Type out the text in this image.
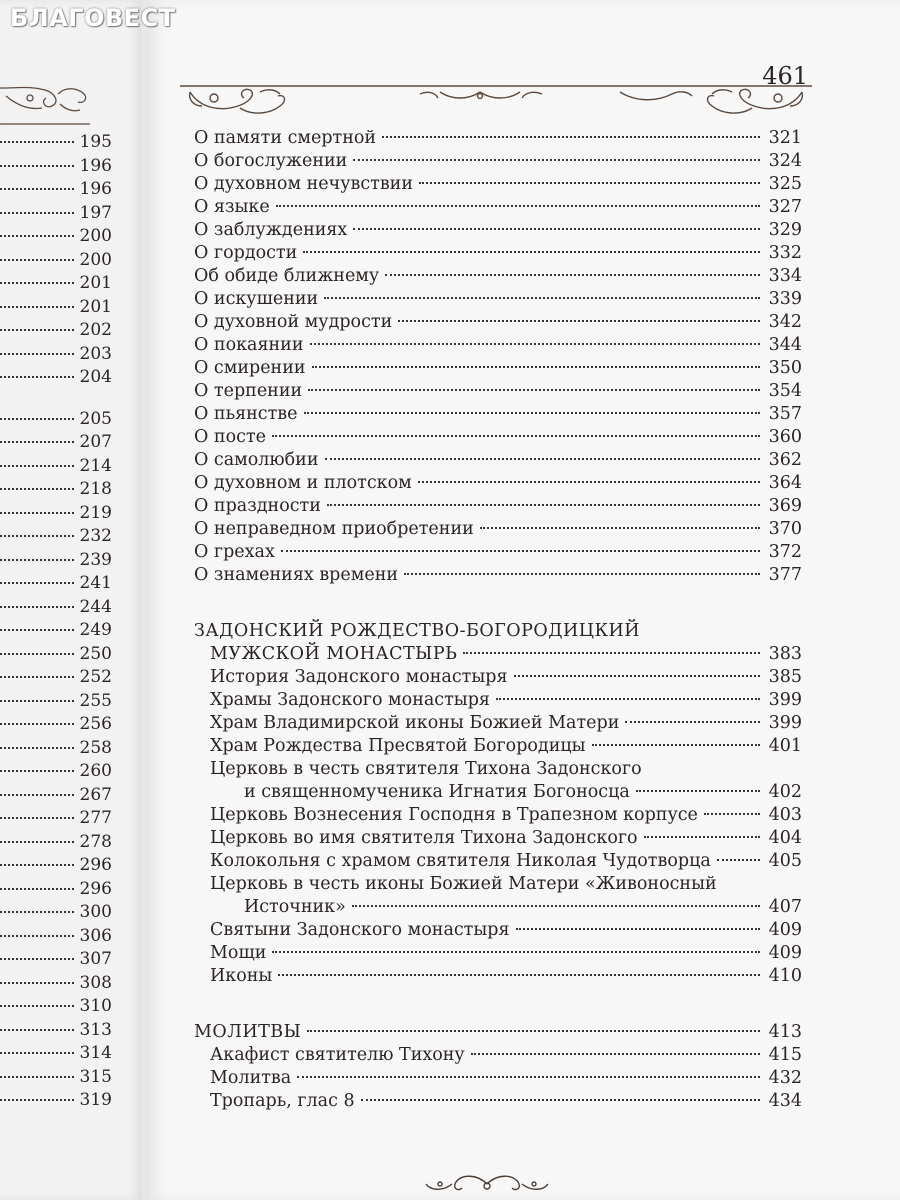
БЛАГОВЕСТ
195
196
196
197
200
200
201
201
202
203
204
205
207
214
218
219
232
239
241
244
249
250
252
255
256
258
260
267
277
278
296
296
300
306
307
308
310
313
314
315
319
461
О памяти смертной	321
О богослужении	324
О духовном нечувствии	325
О языке	327
О заблуждениях	329
О гордости	332
Об обиде ближнему	334
О искушении	339
О духовной мудрости	342
О покаянии	344
О смирении	350
О терпении	354
О пьянстве	357
О посте	360
О самолюбии	362
О духовном и плотском	364
О праздности	369
О неправедном приобретении	370
О грехах	372
О знамениях времени	377
ЗАДОНСКИЙ РОЖДЕСТВО-БОГОРОДИЦКИЙ
МУЖСКОЙ МОНАСТЫРЬ	383
История Задонского монастыря	385
Храмы Задонского монастыря	399
Храм Владимирской иконы Божией Матери	399
Храм Рождества Пресвятой Богородицы	401
Церковь в честь святителя Тихона Задонского
и священномученика Игнатия Богоносца	402
Церковь Вознесения Господня в Трапезном корпусе	403
Церковь во имя святителя Тихона Задонского	404
Колокольня с храмом святителя Николая Чудотворца	405
Церковь в честь иконы Божией Матери «Живоносный
Источник»	407
Святыни Задонского монастыря	409
Мощи	409
Иконы	410
МОЛИТВЫ	413
Акафист святителю Тихону	415
Молитва	432
Тропарь, глас 8	434
